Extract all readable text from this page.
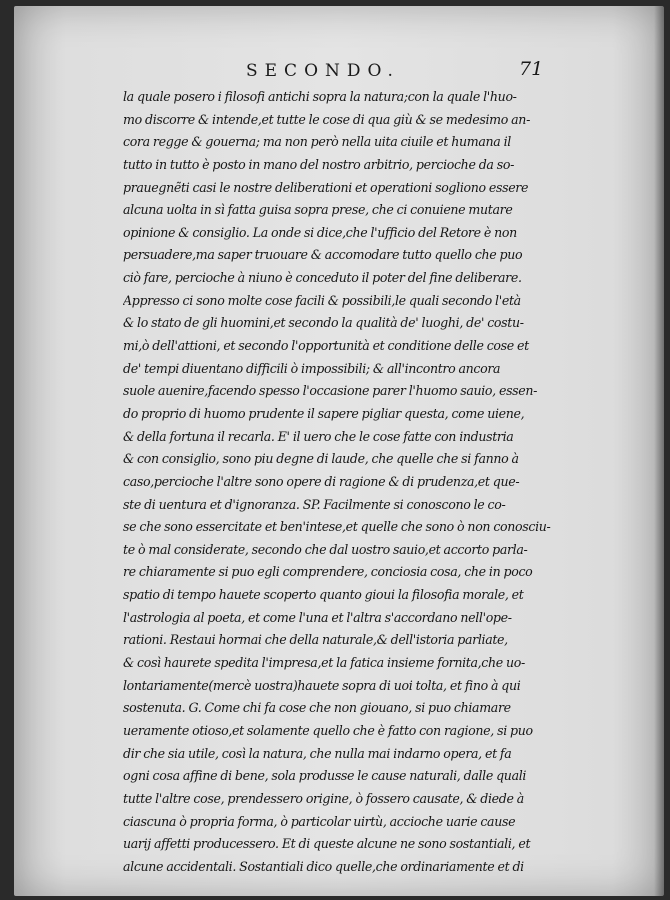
SECONDO.	71
la quale posero i filosofi antichi sopra la natura;con la quale l'huo-
mo discorre & intende,et tutte le cose di qua giù & se medesimo an-
cora regge & gouerna; ma non però nella uita ciuile et humana il
tutto in tutto è posto in mano del nostro arbitrio, percioche da so-
prauegnẽti casi le nostre deliberationi et operationi sogliono essere
alcuna uolta in sì fatta guisa sopra prese, che ci conuiene mutare
opinione & consiglio. La onde si dice,che l'ufficio del Retore è non
persuadere,ma saper truouare & accomodare tutto quello che puo
ciò fare, percioche à niuno è conceduto il poter del fine deliberare.
Appresso ci sono molte cose facili & possibili,le quali secondo l'età
& lo stato de gli huomini,et secondo la qualità de' luoghi, de' costu-
mi,ò dell'attioni, et secondo l'opportunità et conditione delle cose et
de' tempi diuentano difficili ò impossibili; & all'incontro ancora
suole auenire,facendo spesso l'occasione parer l'huomo sauio, essen-
do proprio di huomo prudente il sapere pigliar questa, come uiene,
& della fortuna il recarla. E' il uero che le cose fatte con industria
& con consiglio, sono piu degne di laude, che quelle che si fanno à
caso,percioche l'altre sono opere di ragione & di prudenza,et que-
ste di uentura et d'ignoranza. SP. Facilmente si conoscono le co-
se che sono essercitate et ben'intese,et quelle che sono ò non conosciu-
te ò mal considerate, secondo che dal uostro sauio,et accorto parla-
re chiaramente si puo egli comprendere, conciosia cosa, che in poco
spatio di tempo hauete scoperto quanto gioui la filosofia morale, et
l'astrologia al poeta, et come l'una et l'altra s'accordano nell'ope-
rationi. Restaui hormai che della naturale,& dell'istoria parliate,
& così haurete spedita l'impresa,et la fatica insieme fornita,che uo-
lontariamente(mercè uostra)hauete sopra di uoi tolta, et fino à qui
sostenuta. G. Come chi fa cose che non giouano, si puo chiamare
ueramente otioso,et solamente quello che è fatto con ragione, si puo
dir che sia utile, così la natura, che nulla mai indarno opera, et fa
ogni cosa affine di bene, sola produsse le cause naturali, dalle quali
tutte l'altre cose, prendessero origine, ò fossero causate, & diede à
ciascuna ò propria forma, ò particolar uirtù, accioche uarie cause
uarij affetti producessero. Et di queste alcune ne sono sostantiali, et
alcune accidentali. Sostantiali dico quelle,che ordinariamente et di
